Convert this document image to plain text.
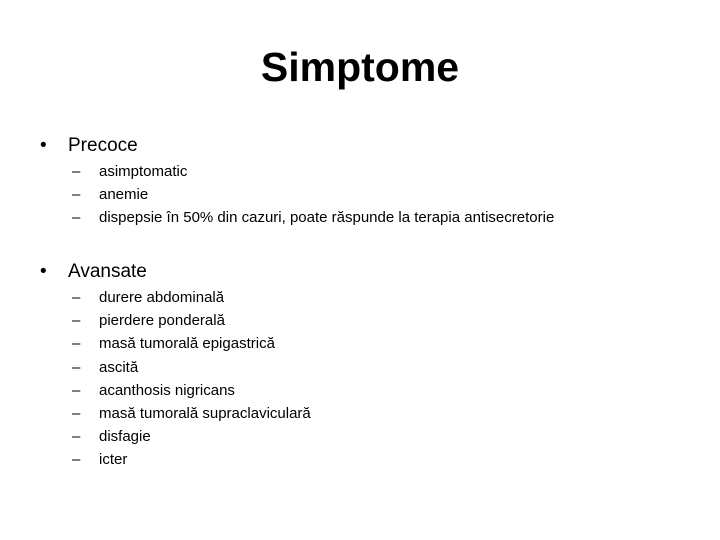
Simptome
• Precoce
– asimptomatic
– anemie
– dispepsie în 50% din cazuri, poate răspunde la terapia antisecretorie
• Avansate
– durere abdominală
– pierdere ponderală
– masă tumorală epigastrică
– ascită
– acanthosis nigricans
– masă tumorală supraclaviculară
– disfagie
– icter
